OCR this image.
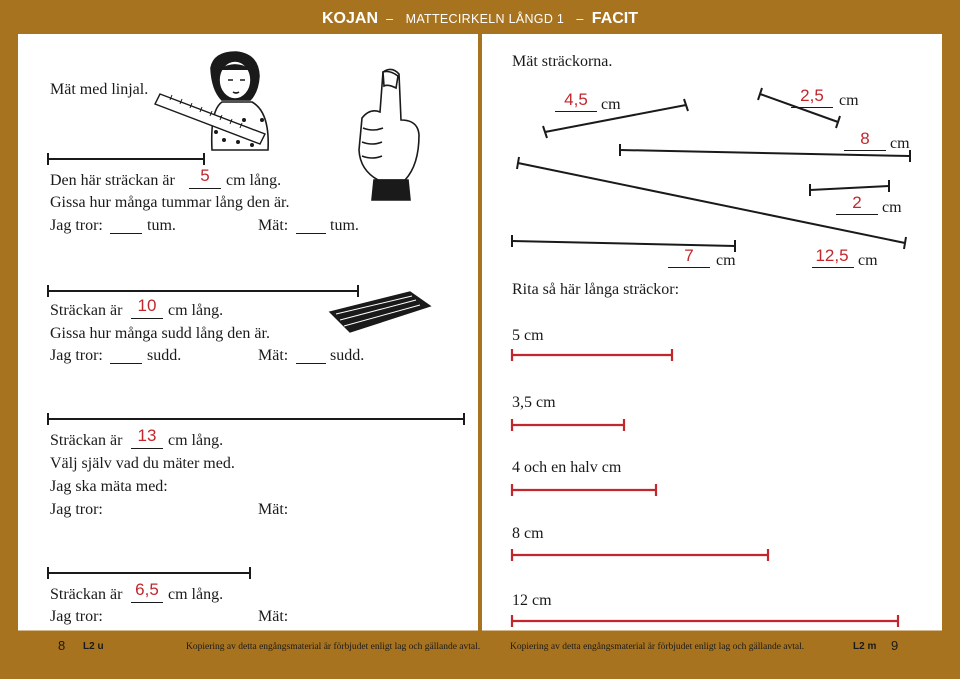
KOJAN – MATTECIRKELN LÅNGD 1 – FACIT
Mät med linjal.
Den här sträckan är	5	cm lång.
Gissa hur många tummar lång den är.
Jag tror:	tum.	Mät:	tum.
Sträckan är 10 cm lång.
Gissa hur många sudd lång den är.
Jag tror:	sudd.	Mät:	sudd.
Sträckan är 13 cm lång.
Välj själv vad du mäter med.
Jag ska mäta med:
Jag tror:	Mät:
Sträckan är 6,5 cm lång.
Jag tror:	Mät:
Mät sträckorna.
4,5 cm	2,5 cm
8	cm
2	cm
7	cm	12,5 cm
Rita så här långa sträckor:
5 cm
3,5 cm
4 och en halv cm
8 cm
12 cm
8 L2 u	Kopiering av detta engångsmaterial är förbjudet enligt lag och gällande avtal.	Kopiering av detta engångsmaterial är förbjudet enligt lag och gällande avtal.	L2 m 9
